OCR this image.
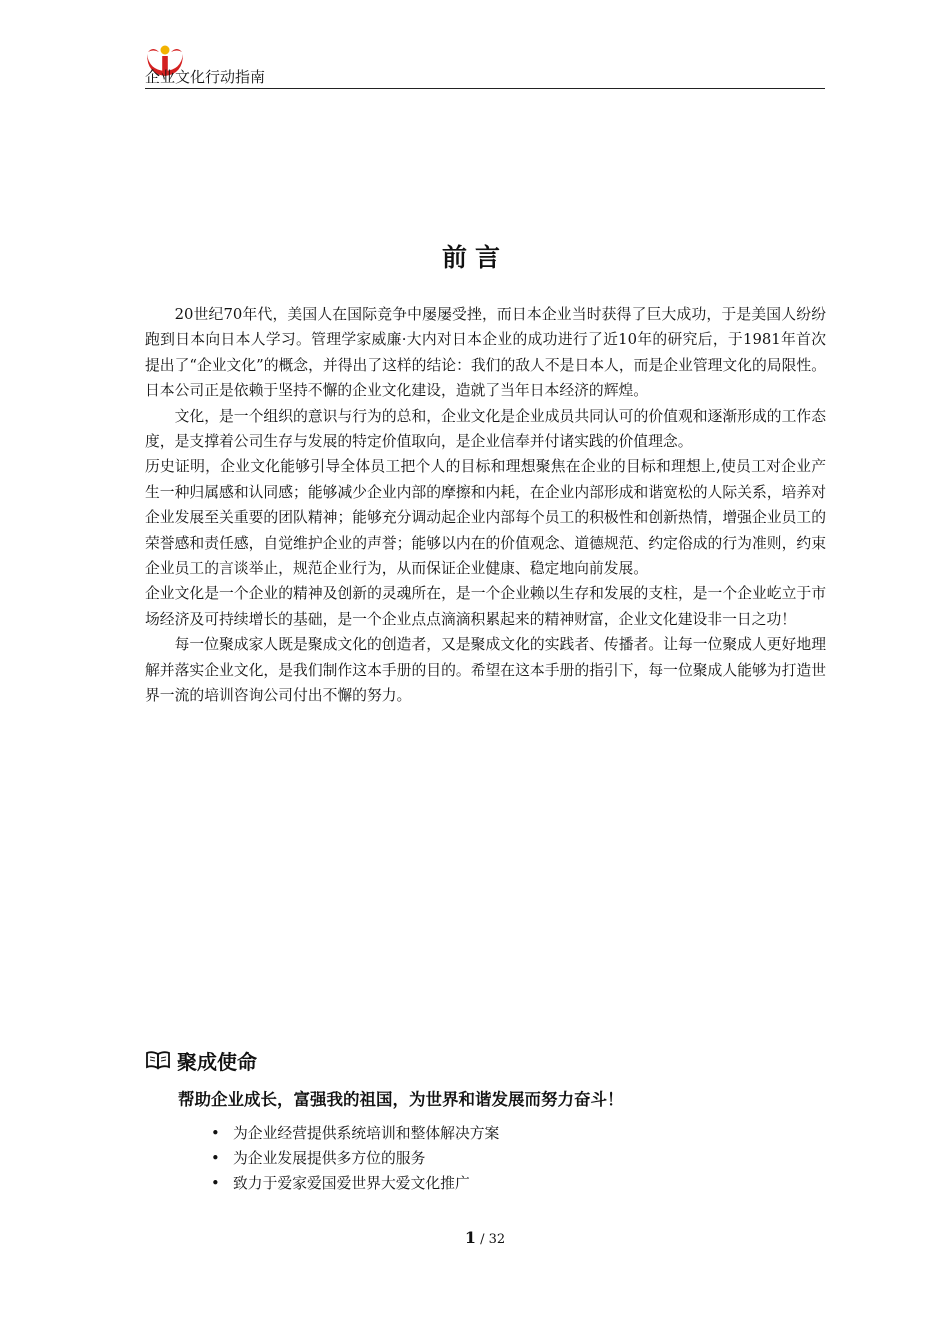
企业文化行动指南
前言

20世纪70年代，美国人在国际竞争中屡屡受挫，而日本企业当时获得了巨大成功，于是美国人纷纷跑到日本向日本人学习。管理学家威廉·大内对日本企业的成功进行了近10年的研究后，于1981年首次提出了“企业文化”的概念，并得出了这样的结论：我们的敌人不是日本人，而是企业管理文化的局限性。日本公司正是依赖于坚持不懈的企业文化建设，造就了当年日本经济的辉煌。

文化，是一个组织的意识与行为的总和，企业文化是企业成员共同认可的价值观和逐渐形成的工作态度，是支撑着公司生存与发展的特定价值取向，是企业信奉并付诸实践的价值理念。

历史证明，企业文化能够引导全体员工把个人的目标和理想聚焦在企业的目标和理想上,使员工对企业产生一种归属感和认同感；能够减少企业内部的摩擦和内耗，在企业内部形成和谐宽松的人际关系，培养对企业发展至关重要的团队精神；能够充分调动起企业内部每个员工的积极性和创新热情，增强企业员工的荣誉感和责任感，自觉维护企业的声誉；能够以内在的价值观念、道德规范、约定俗成的行为准则，约束企业员工的言谈举止，规范企业行为，从而保证企业健康、稳定地向前发展。

企业文化是一个企业的精神及创新的灵魂所在，是一个企业赖以生存和发展的支柱，是一个企业屹立于市场经济及可持续增长的基础，是一个企业点点滴滴积累起来的精神财富，企业文化建设非一日之功！

每一位聚成家人既是聚成文化的创造者，又是聚成文化的实践者、传播者。让每一位聚成人更好地理解并落实企业文化，是我们制作这本手册的目的。希望在这本手册的指引下，每一位聚成人能够为打造世界一流的培训咨询公司付出不懈的努力。

聚成使命
帮助企业成长，富强我的祖国，为世界和谐发展而努力奋斗！
• 为企业经营提供系统培训和整体解决方案
• 为企业发展提供多方位的服务
• 致力于爱家爱国爱世界大爱文化推广
1 / 32
